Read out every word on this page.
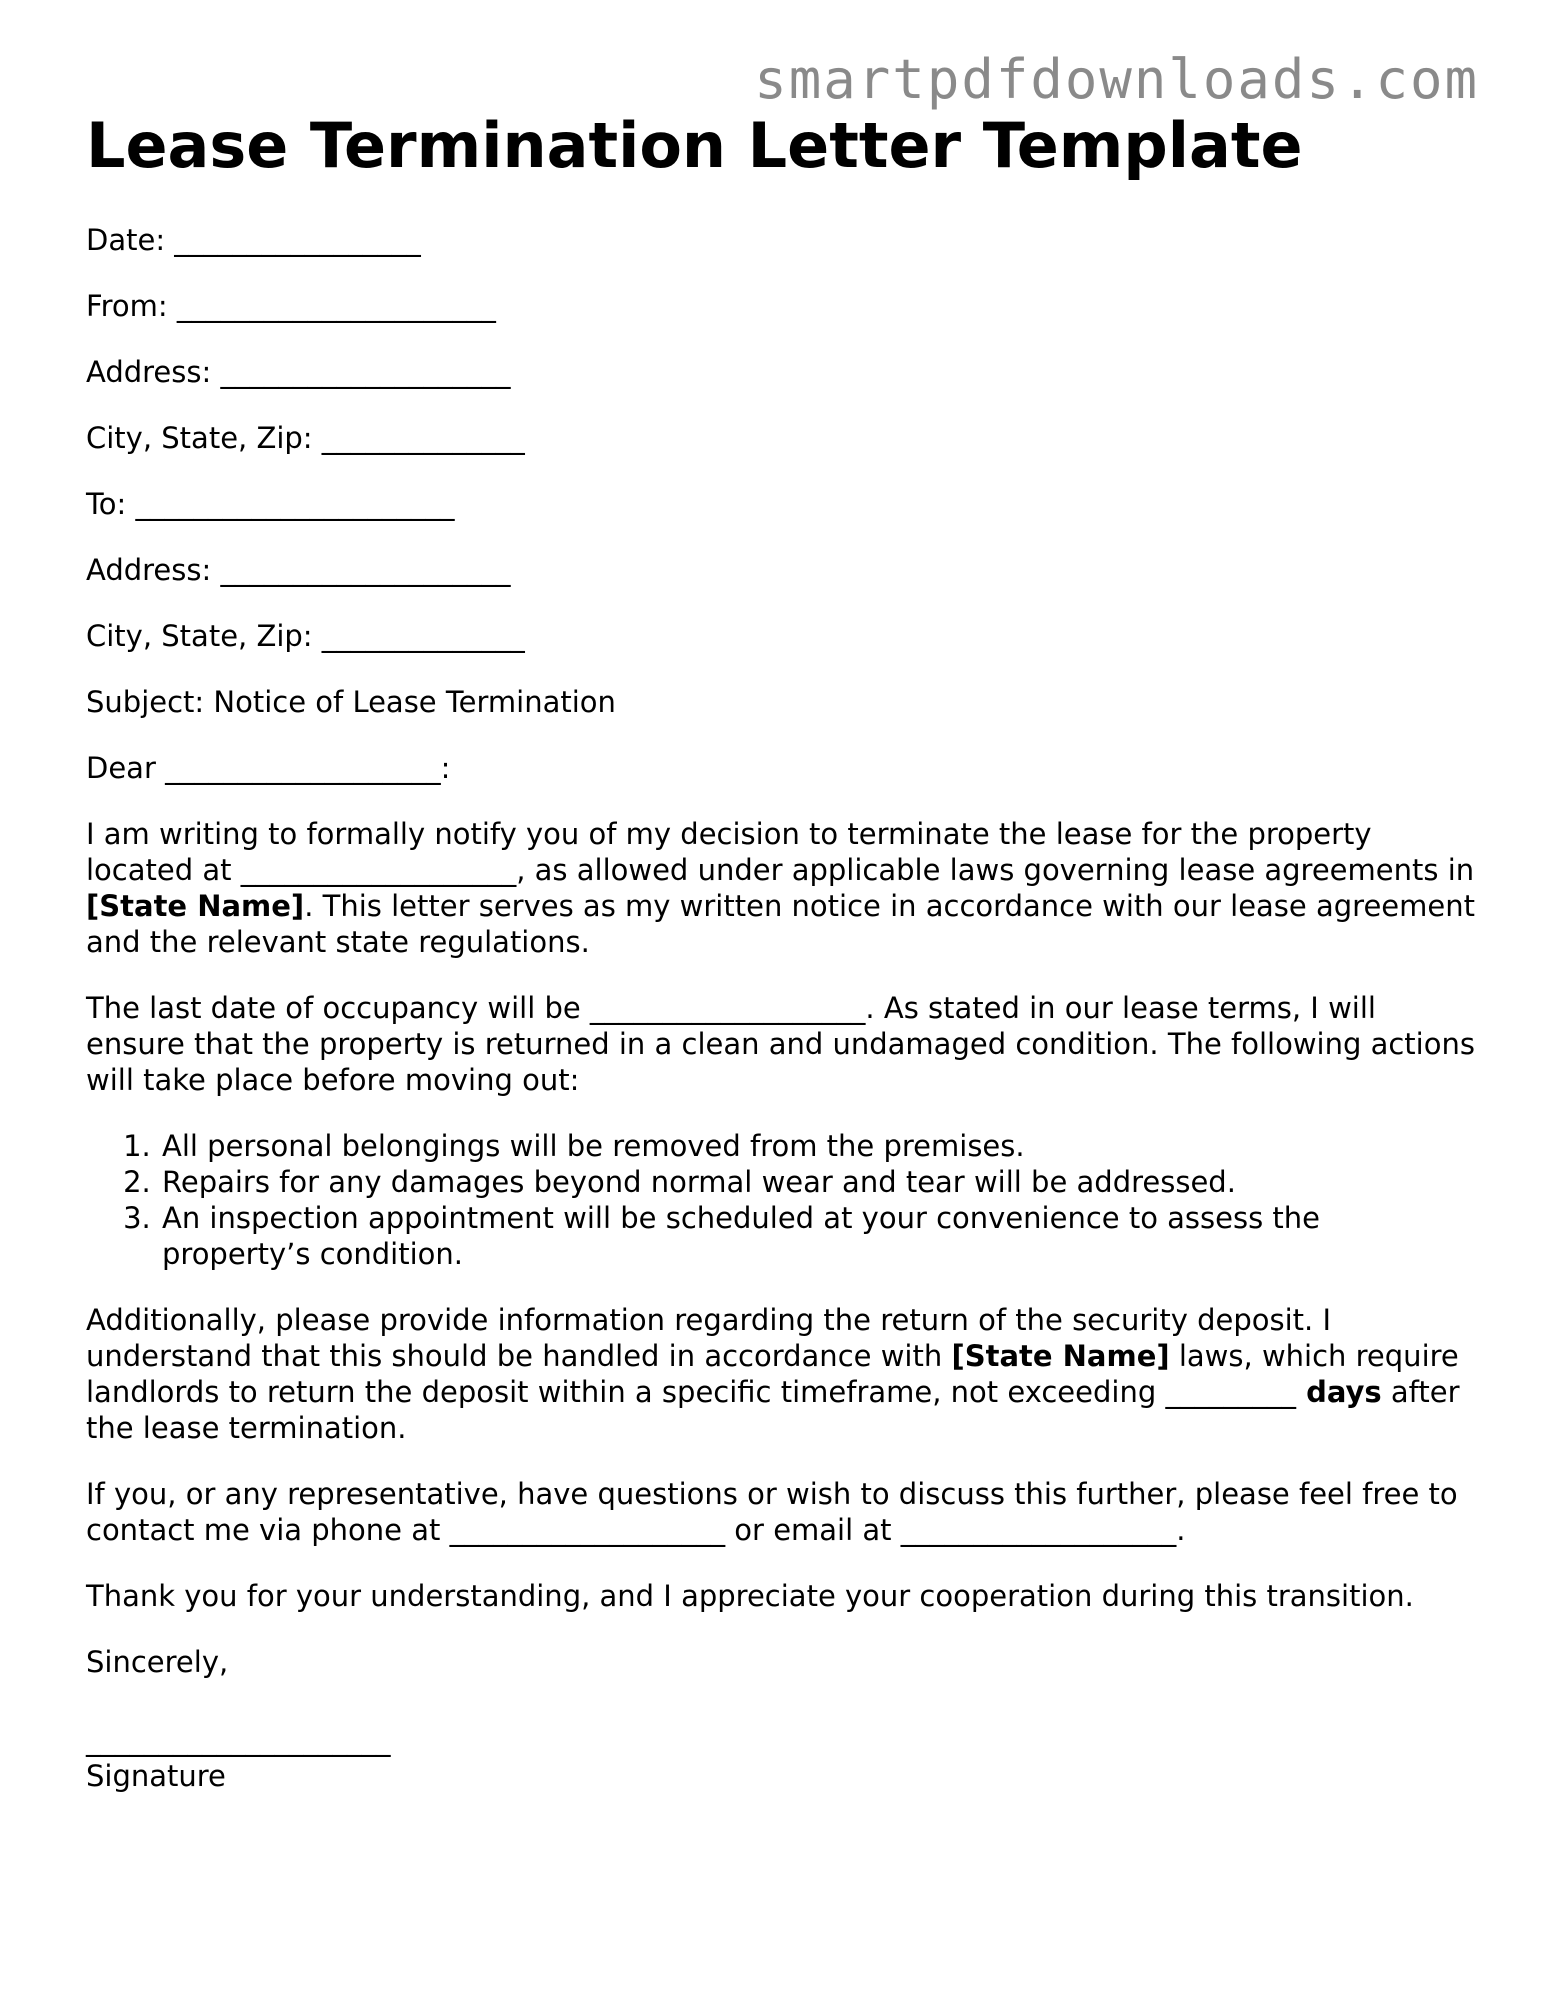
smartpdfdownloads.com
Lease Termination Letter Template
Date: _________________
From: ______________________
Address: ____________________
City, State, Zip: ______________
To: ______________________
Address: ____________________
City, State, Zip: ______________
Subject: Notice of Lease Termination
Dear ___________________:

I am writing to formally notify you of my decision to terminate the lease for the property located at ___________________, as allowed under applicable laws governing lease agreements in [State Name]. This letter serves as my written notice in accordance with our lease agreement and the relevant state regulations.

The last date of occupancy will be ___________________. As stated in our lease terms, I will ensure that the property is returned in a clean and undamaged condition. The following actions will take place before moving out:

1. All personal belongings will be removed from the premises.
2. Repairs for any damages beyond normal wear and tear will be addressed.
3. An inspection appointment will be scheduled at your convenience to assess the property’s condition.

Additionally, please provide information regarding the return of the security deposit. I understand that this should be handled in accordance with [State Name] laws, which require landlords to return the deposit within a specific timeframe, not exceeding _________ days after the lease termination.

If you, or any representative, have questions or wish to discuss this further, please feel free to contact me via phone at ___________________ or email at ___________________.

Thank you for your understanding, and I appreciate your cooperation during this transition.

Sincerely,
_____________________
Signature
